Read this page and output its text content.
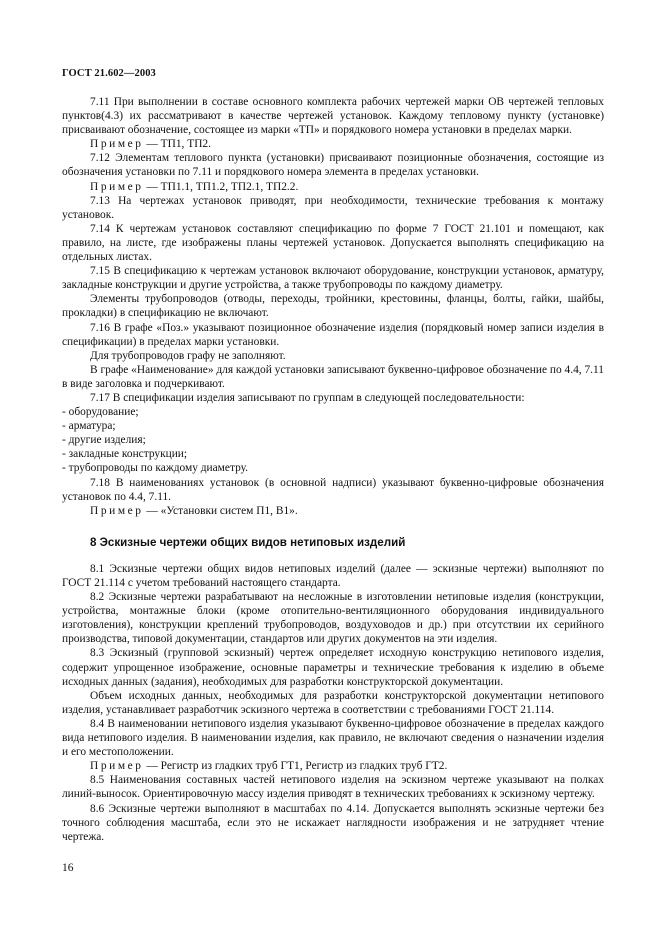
ГОСТ 21.602—2003

7.11 При выполнении в составе основного комплекта рабочих чертежей марки ОВ чертежей тепловых пунктов(4.3) их рассматривают в качестве чертежей установок. Каждому тепловому пункту (установке) присваивают обозначение, состоящее из марки «ТП» и порядкового номера установки в пределах марки.

Пример — ТП1, ТП2.

7.12 Элементам теплового пункта (установки) присваивают позиционные обозначения, состоящие из обозначения установки по 7.11 и порядкового номера элемента в пределах установки.

Пример — ТП1.1, ТП1.2, ТП2.1, ТП2.2.

7.13 На чертежах установок приводят, при необходимости, технические требования к монтажу установок.

7.14 К чертежам установок составляют спецификацию по форме 7 ГОСТ 21.101 и помещают, как правило, на листе, где изображены планы чертежей установок. Допускается выполнять спецификацию на отдельных листах.

7.15 В спецификацию к чертежам установок включают оборудование, конструкции установок, арматуру, закладные конструкции и другие устройства, а также трубопроводы по каждому диаметру.

Элементы трубопроводов (отводы, переходы, тройники, крестовины, фланцы, болты, гайки, шайбы, прокладки) в спецификацию не включают.

7.16 В графе «Поз.» указывают позиционное обозначение изделия (порядковый номер записи изделия в спецификации) в пределах марки установки.

Для трубопроводов графу не заполняют.

В графе «Наименование» для каждой установки записывают буквенно-цифровое обозначение по 4.4, 7.11 в виде заголовка и подчеркивают.

7.17 В спецификации изделия записывают по группам в следующей последовательности:

- оборудование;

- арматура;

- другие изделия;

- закладные конструкции;

- трубопроводы по каждому диаметру.

7.18 В наименованиях установок (в основной надписи) указывают буквенно-цифровые обозначения установок по 4.4, 7.11.

Пример — «Установки систем П1, В1».

8 Эскизные чертежи общих видов нетиповых изделий

8.1 Эскизные чертежи общих видов нетиповых изделий (далее — эскизные чертежи) выполняют по ГОСТ 21.114 с учетом требований настоящего стандарта.

8.2 Эскизные чертежи разрабатывают на несложные в изготовлении нетиповые изделия (конструкции, устройства, монтажные блоки (кроме отопительно-вентиляционного оборудования индивидуального изготовления), конструкции креплений трубопроводов, воздуховодов и др.) при отсутствии их серийного производства, типовой документации, стандартов или других документов на эти изделия.

8.3 Эскизный (групповой эскизный) чертеж определяет исходную конструкцию нетипового изделия, содержит упрощенное изображение, основные параметры и технические требования к изделию в объеме исходных данных (задания), необходимых для разработки конструкторской документации.

Объем исходных данных, необходимых для разработки конструкторской документации нетипового изделия, устанавливает разработчик эскизного чертежа в соответствии с требованиями ГОСТ 21.114.

8.4 В наименовании нетипового изделия указывают буквенно-цифровое обозначение в пределах каждого вида нетипового изделия. В наименовании изделия, как правило, не включают сведения о назначении изделия и его местоположении.

Пример — Регистр из гладких труб ГТ1, Регистр из гладких труб ГТ2.

8.5 Наименования составных частей нетипового изделия на эскизном чертеже указывают на полках линий-выносок. Ориентировочную массу изделия приводят в технических требованиях к эскизному чертежу.

8.6 Эскизные чертежи выполняют в масштабах по 4.14. Допускается выполнять эскизные чертежи без точного соблюдения масштаба, если это не искажает наглядности изображения и не затрудняет чтение чертежа.

16
